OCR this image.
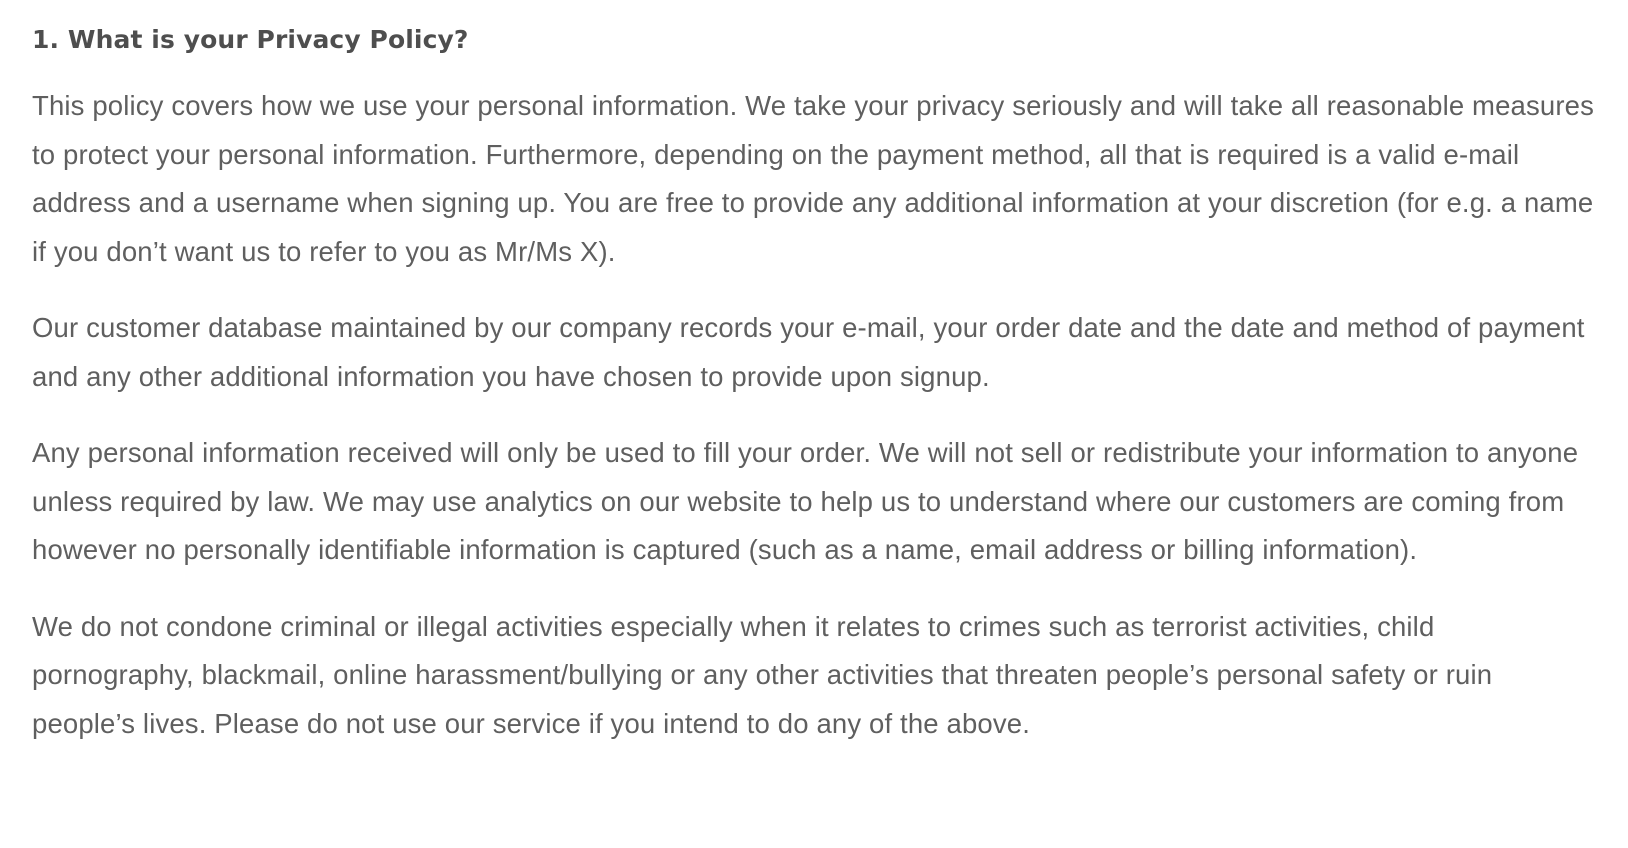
1. What is your Privacy Policy?

This policy covers how we use your personal information. We take your privacy seriously and will take all reasonable measures to protect your personal information. Furthermore, depending on the payment method, all that is required is a valid e-mail address and a username when signing up. You are free to provide any additional information at your discretion (for e.g. a name if you don’t want us to refer to you as Mr/Ms X).

Our customer database maintained by our company records your e-mail, your order date and the date and method of payment and any other additional information you have chosen to provide upon signup.

Any personal information received will only be used to fill your order. We will not sell or redistribute your information to anyone unless required by law. We may use analytics on our website to help us to understand where our customers are coming from however no personally identifiable information is captured (such as a name, email address or billing information).

We do not condone criminal or illegal activities especially when it relates to crimes such as terrorist activities, child pornography, blackmail, online harassment/bullying or any other activities that threaten people’s personal safety or ruin people’s lives. Please do not use our service if you intend to do any of the above.
